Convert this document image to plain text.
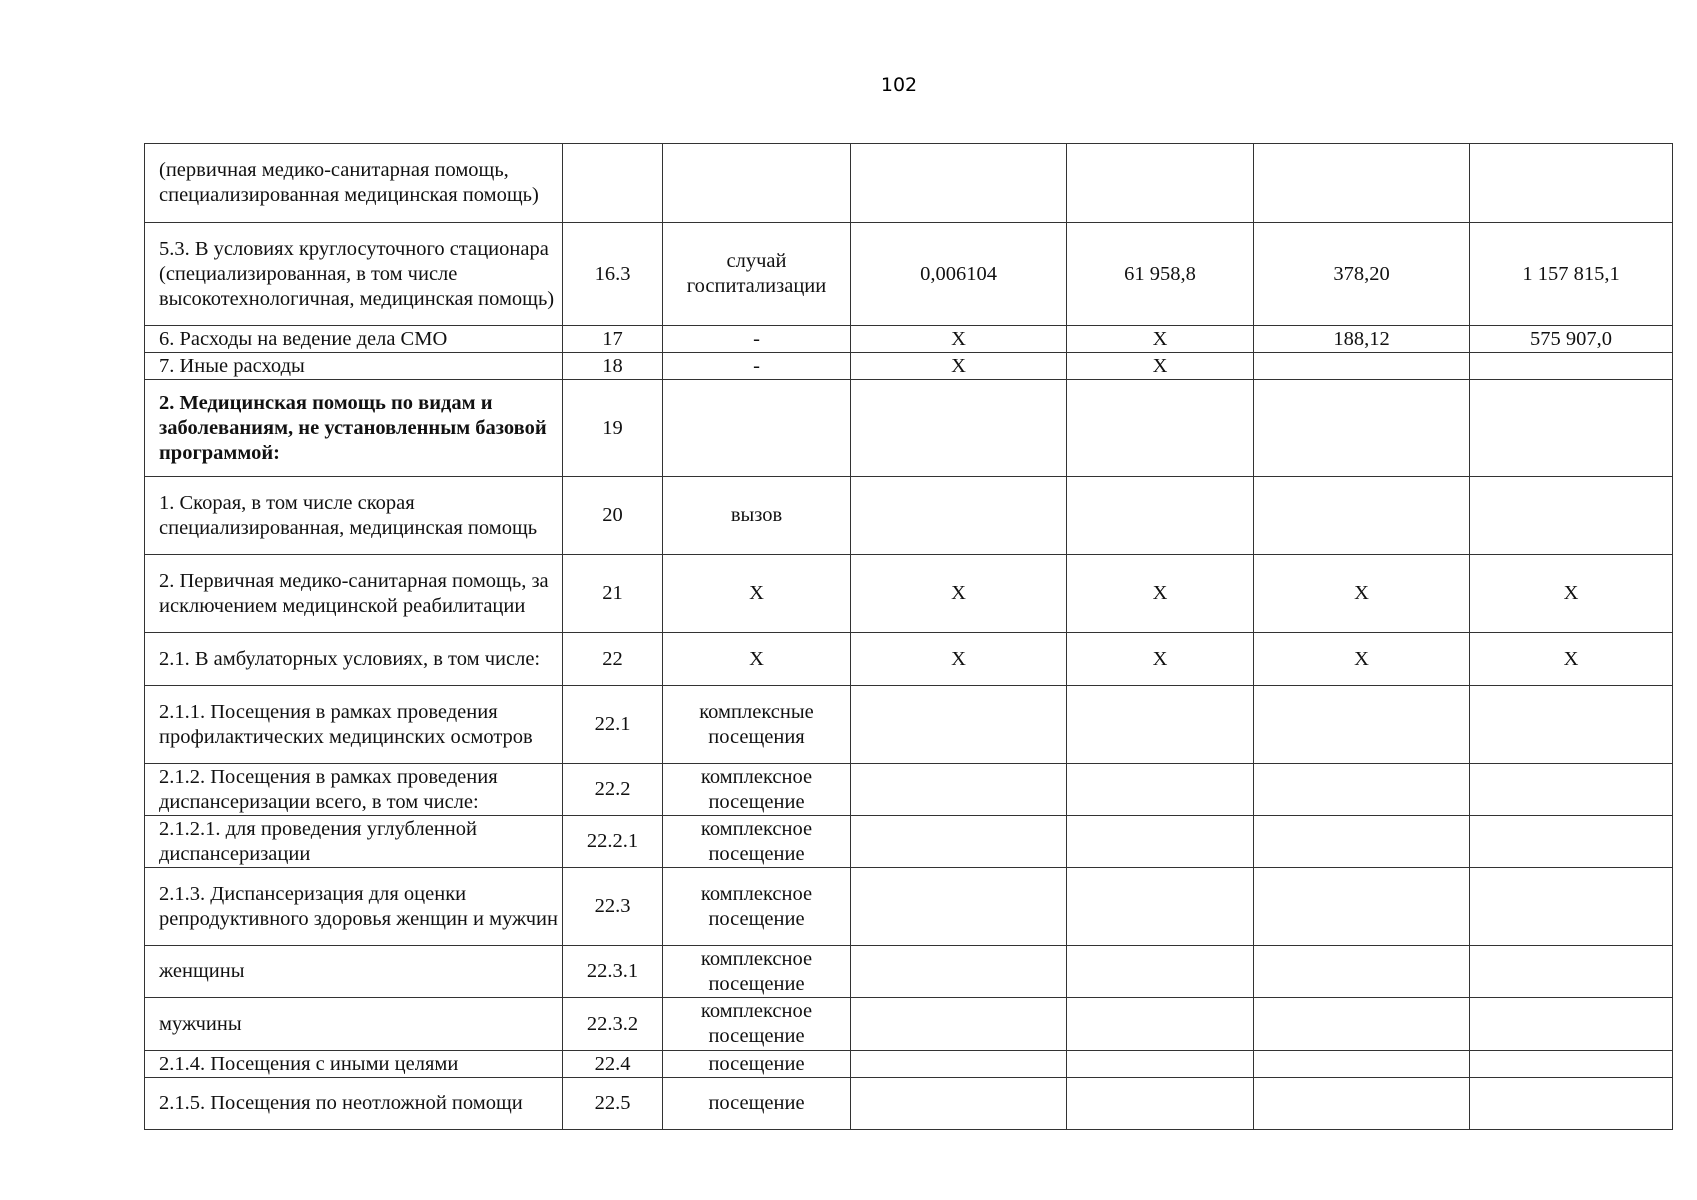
102
(первичная медико-санитарная помощь, специализированная медицинская помощь)						
5.3. В условиях круглосуточного стационара (специализированная, в том числе высокотехнологичная, медицинская помощь)	16.3	случай госпитализации	0,006104	61 958,8	378,20	1 157 815,1
6. Расходы на ведение дела СМО	17	-	X	X	188,12	575 907,0
7. Иные расходы	18	-	X	X		
2. Медицинская помощь по видам и заболеваниям, не установленным базовой программой:	19					
1. Скорая, в том числе скорая специализированная, медицинская помощь	20	вызов				
2. Первичная медико-санитарная помощь, за исключением медицинской реабилитации	21	X	X	X	X	X
2.1. В амбулаторных условиях, в том числе:	22	X	X	X	X	X
2.1.1. Посещения в рамках проведения профилактических медицинских осмотров	22.1	комплексные посещения				
2.1.2. Посещения в рамках проведения диспансеризации всего, в том числе:	22.2	комплексное посещение				
2.1.2.1. для проведения углубленной диспансеризации	22.2.1	комплексное посещение				
2.1.3. Диспансеризация для оценки репродуктивного здоровья женщин и мужчин	22.3	комплексное посещение				
женщины	22.3.1	комплексное посещение				
мужчины	22.3.2	комплексное посещение				
2.1.4. Посещения с иными целями	22.4	посещение				
2.1.5. Посещения по неотложной помощи	22.5	посещение				
